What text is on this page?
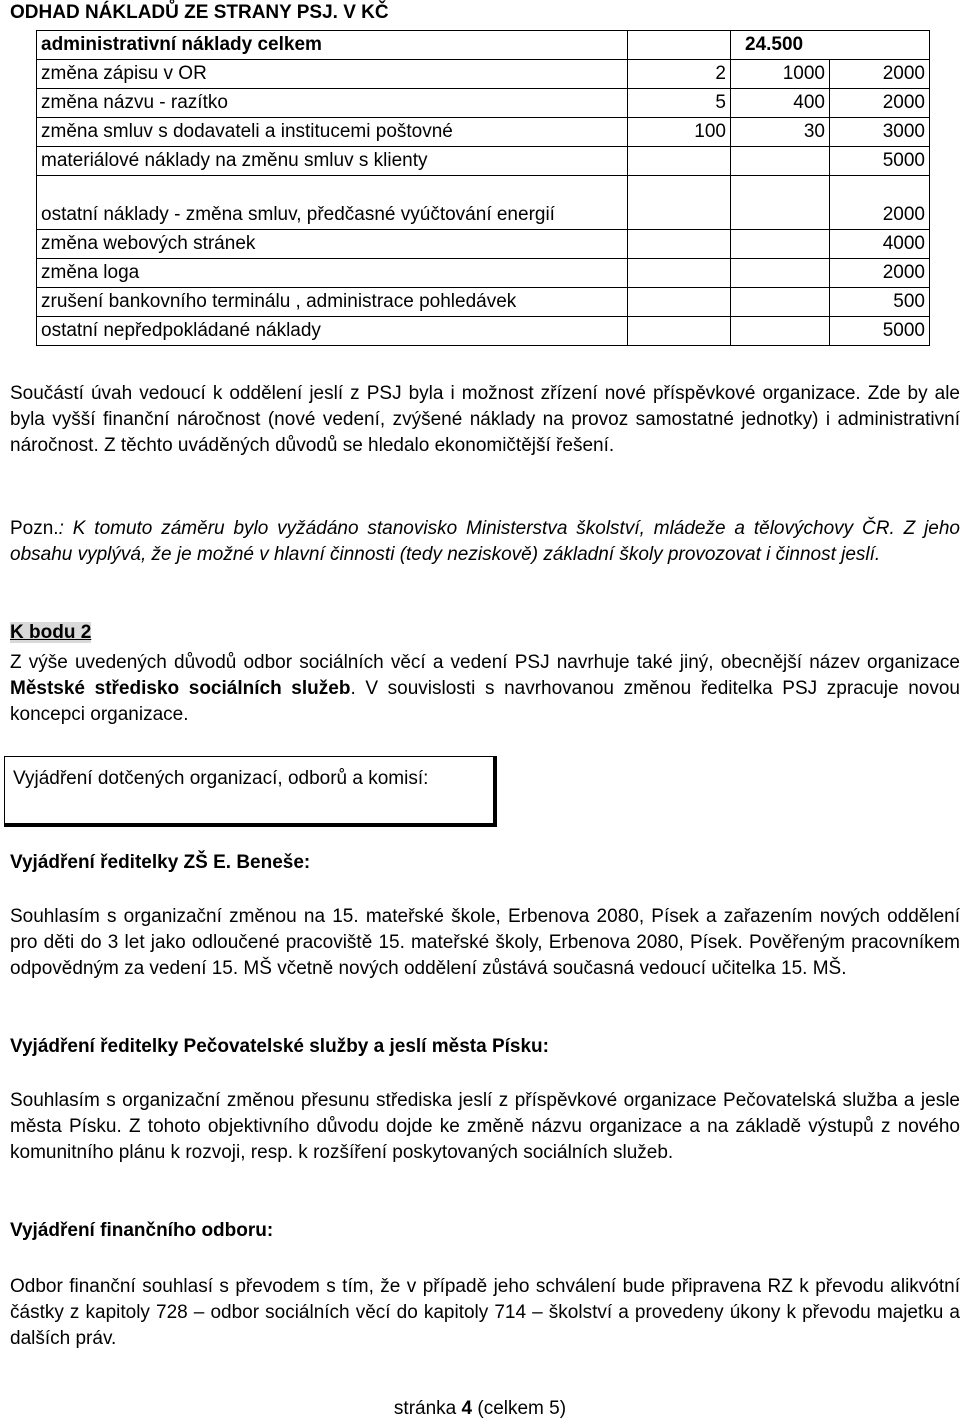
ODHAD NÁKLADŮ ZE STRANY PSJ. V KČ
administrativní náklady celkem		24.500	
změna zápisu v OR	2	1000	2000
změna názvu - razítko	5	400	2000
změna smluv s dodavateli a institucemi poštovné	100	30	3000
materiálové náklady na změnu smluv s klienty			5000
ostatní náklady - změna smluv, předčasné vyúčtování energií			2000
změna webových stránek			4000
změna loga			2000
zrušení bankovního terminálu , administrace pohledávek			500
ostatní nepředpokládané náklady			5000
Součástí úvah vedoucí k oddělení jeslí z PSJ byla i možnost zřízení nové příspěvkové organizace. Zde by ale byla vyšší finanční náročnost (nové vedení, zvýšené náklady na provoz samostatné jednotky) i administrativní náročnost. Z těchto uváděných důvodů se hledalo ekonomičtější řešení.
Pozn.: K tomuto záměru bylo vyžádáno stanovisko Ministerstva školství, mládeže a tělovýchovy ČR. Z jeho obsahu vyplývá, že je možné v hlavní činnosti (tedy neziskově) základní školy provozovat i činnost jeslí.
K bodu 2
Z výše uvedených důvodů odbor sociálních věcí a vedení PSJ navrhuje také jiný, obecnější název organizace Městské středisko sociálních služeb. V souvislosti s navrhovanou změnou ředitelka PSJ zpracuje novou koncepci organizace.
Vyjádření dotčených organizací, odborů a komisí:
Vyjádření ředitelky ZŠ E. Beneše:
Souhlasím s organizační změnou na 15. mateřské škole, Erbenova 2080, Písek a zařazením nových oddělení pro děti do 3 let jako odloučené pracoviště 15. mateřské školy, Erbenova 2080, Písek. Pověřeným pracovníkem odpovědným za vedení 15. MŠ včetně nových oddělení zůstává současná vedoucí učitelka 15. MŠ.
Vyjádření ředitelky Pečovatelské služby a jeslí města Písku:
Souhlasím s organizační změnou přesunu střediska jeslí z příspěvkové organizace Pečovatelská služba a jesle města Písku. Z tohoto objektivního důvodu dojde ke změně názvu organizace a na základě výstupů z nového komunitního plánu k rozvoji, resp. k rozšíření poskytovaných sociálních služeb.
Vyjádření finančního odboru:
Odbor finanční souhlasí s převodem s tím, že v případě jeho schválení bude připravena RZ k převodu alikvótní částky z kapitoly 728 – odbor sociálních věcí do kapitoly 714 – školství a provedeny úkony k převodu majetku a dalších práv.
stránka 4 (celkem 5)
